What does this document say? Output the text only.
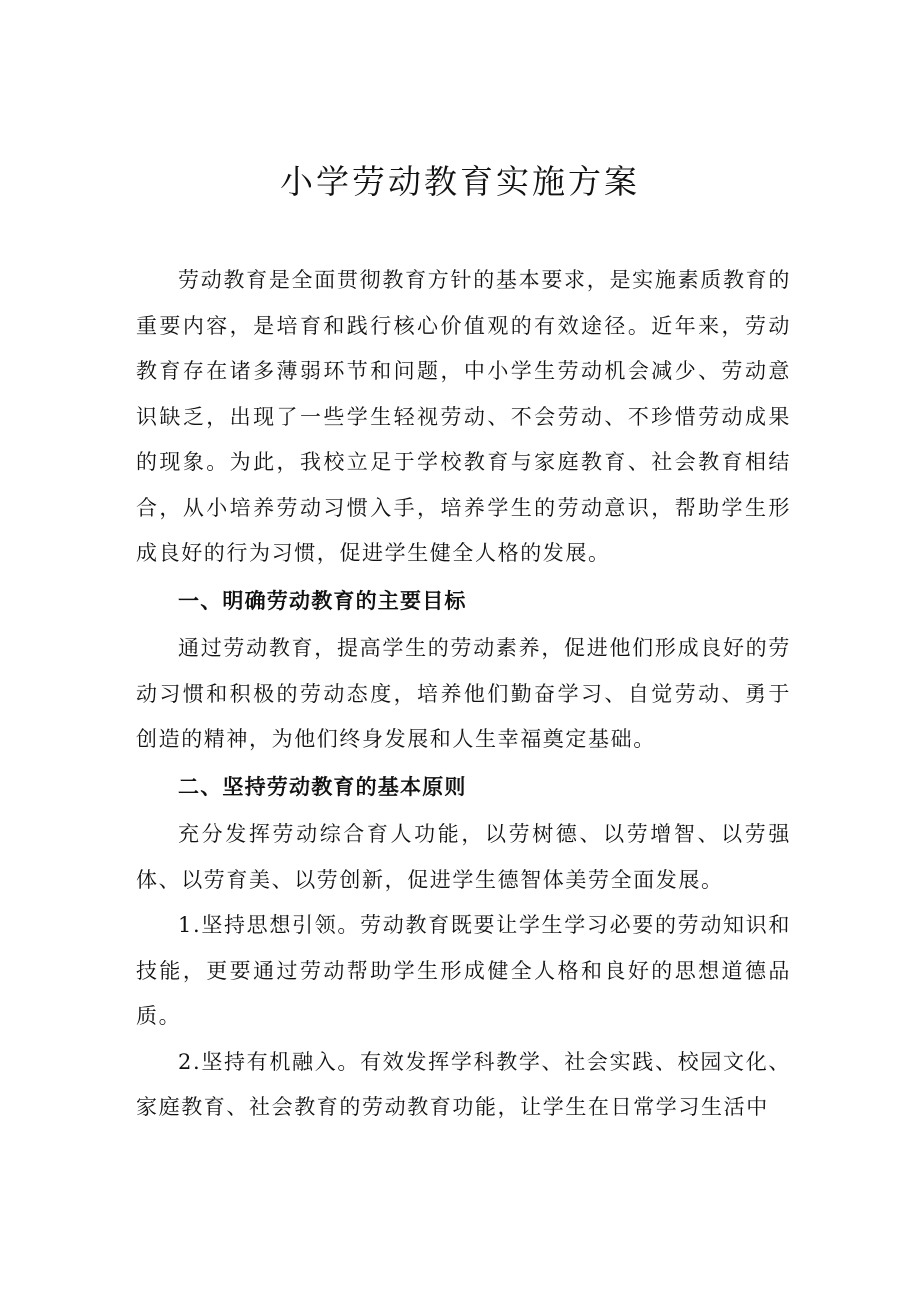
小学劳动教育实施方案

劳动教育是全面贯彻教育方针的基本要求，是实施素质教育的重要内容，是培育和践行核心价值观的有效途径。近年来，劳动教育存在诸多薄弱环节和问题，中小学生劳动机会减少、劳动意识缺乏，出现了一些学生轻视劳动、不会劳动、不珍惜劳动成果的现象。为此，我校立足于学校教育与家庭教育、社会教育相结合，从小培养劳动习惯入手，培养学生的劳动意识，帮助学生形成良好的行为习惯，促进学生健全人格的发展。

一、明确劳动教育的主要目标

通过劳动教育，提高学生的劳动素养，促进他们形成良好的劳动习惯和积极的劳动态度，培养他们勤奋学习、自觉劳动、勇于创造的精神，为他们终身发展和人生幸福奠定基础。

二、坚持劳动教育的基本原则

充分发挥劳动综合育人功能，以劳树德、以劳增智、以劳强体、以劳育美、以劳创新，促进学生德智体美劳全面发展。

1.坚持思想引领。劳动教育既要让学生学习必要的劳动知识和技能，更要通过劳动帮助学生形成健全人格和良好的思想道德品质。

2.坚持有机融入。有效发挥学科教学、社会实践、校园文化、家庭教育、社会教育的劳动教育功能，让学生在日常学习生活中
